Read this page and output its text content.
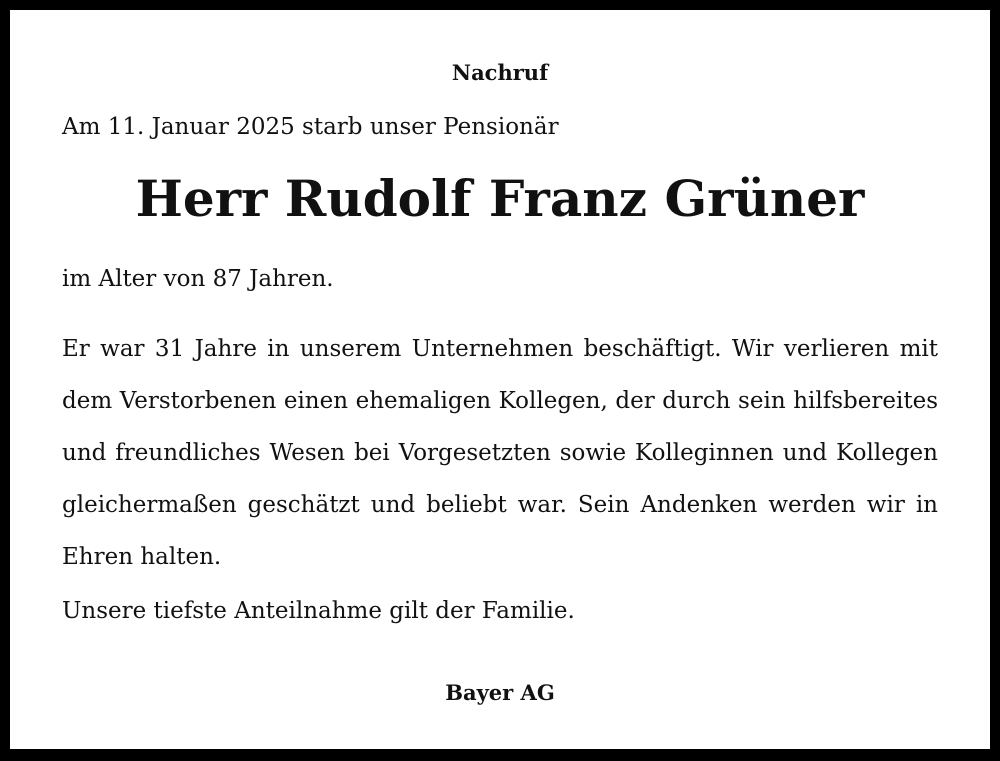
Nachruf
Am 11. Januar 2025 starb unser Pensionär
Herr Rudolf Franz Grüner
im Alter von 87 Jahren.
Er war 31 Jahre in unserem Unternehmen beschäftigt. Wir verlieren mit dem Verstorbenen einen ehemaligen Kollegen, der durch sein hilfsbereites und freundliches Wesen bei Vorgesetzten sowie Kolleginnen und Kollegen gleichermaßen geschätzt und beliebt war. Sein Andenken werden wir in Ehren halten.
Unsere tiefste Anteilnahme gilt der Familie.
Bayer AG
